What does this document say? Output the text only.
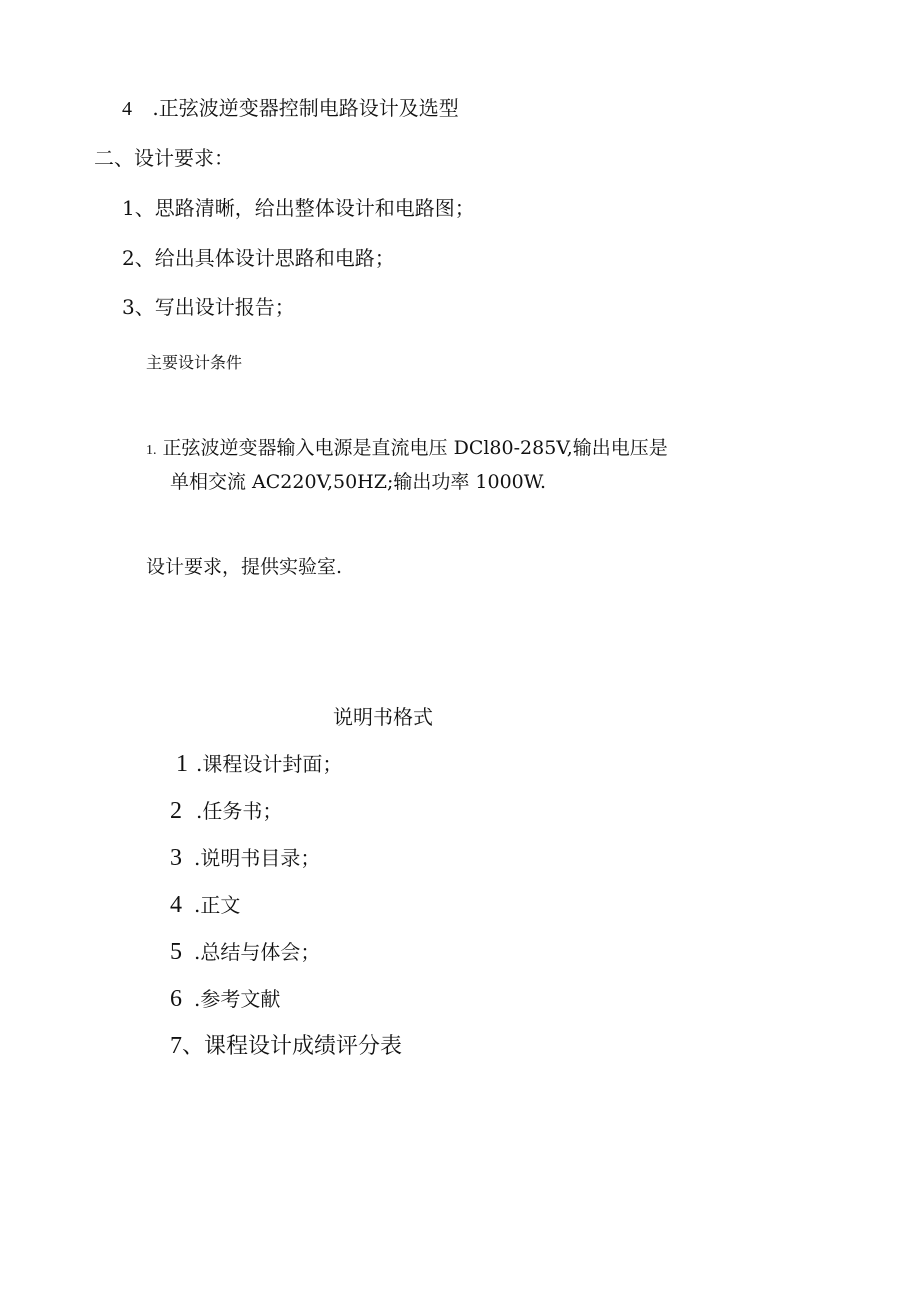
4 .正弦波逆变器控制电路设计及选型
二、设计要求：
1、思路清晰，给出整体设计和电路图；
2、给出具体设计思路和电路；
3、写出设计报告；
主要设计条件
1. 正弦波逆变器输入电源是直流电压 DCl80-285V,输出电压是
单相交流 AC220V,50HZ;输出功率 1000W.
设计要求，提供实验室.
说明书格式
1 .课程设计封面；
2 .任务书；
3 .说明书目录；
4 .正文
5 .总结与体会；
6 .参考文献
7、课程设计成绩评分表
